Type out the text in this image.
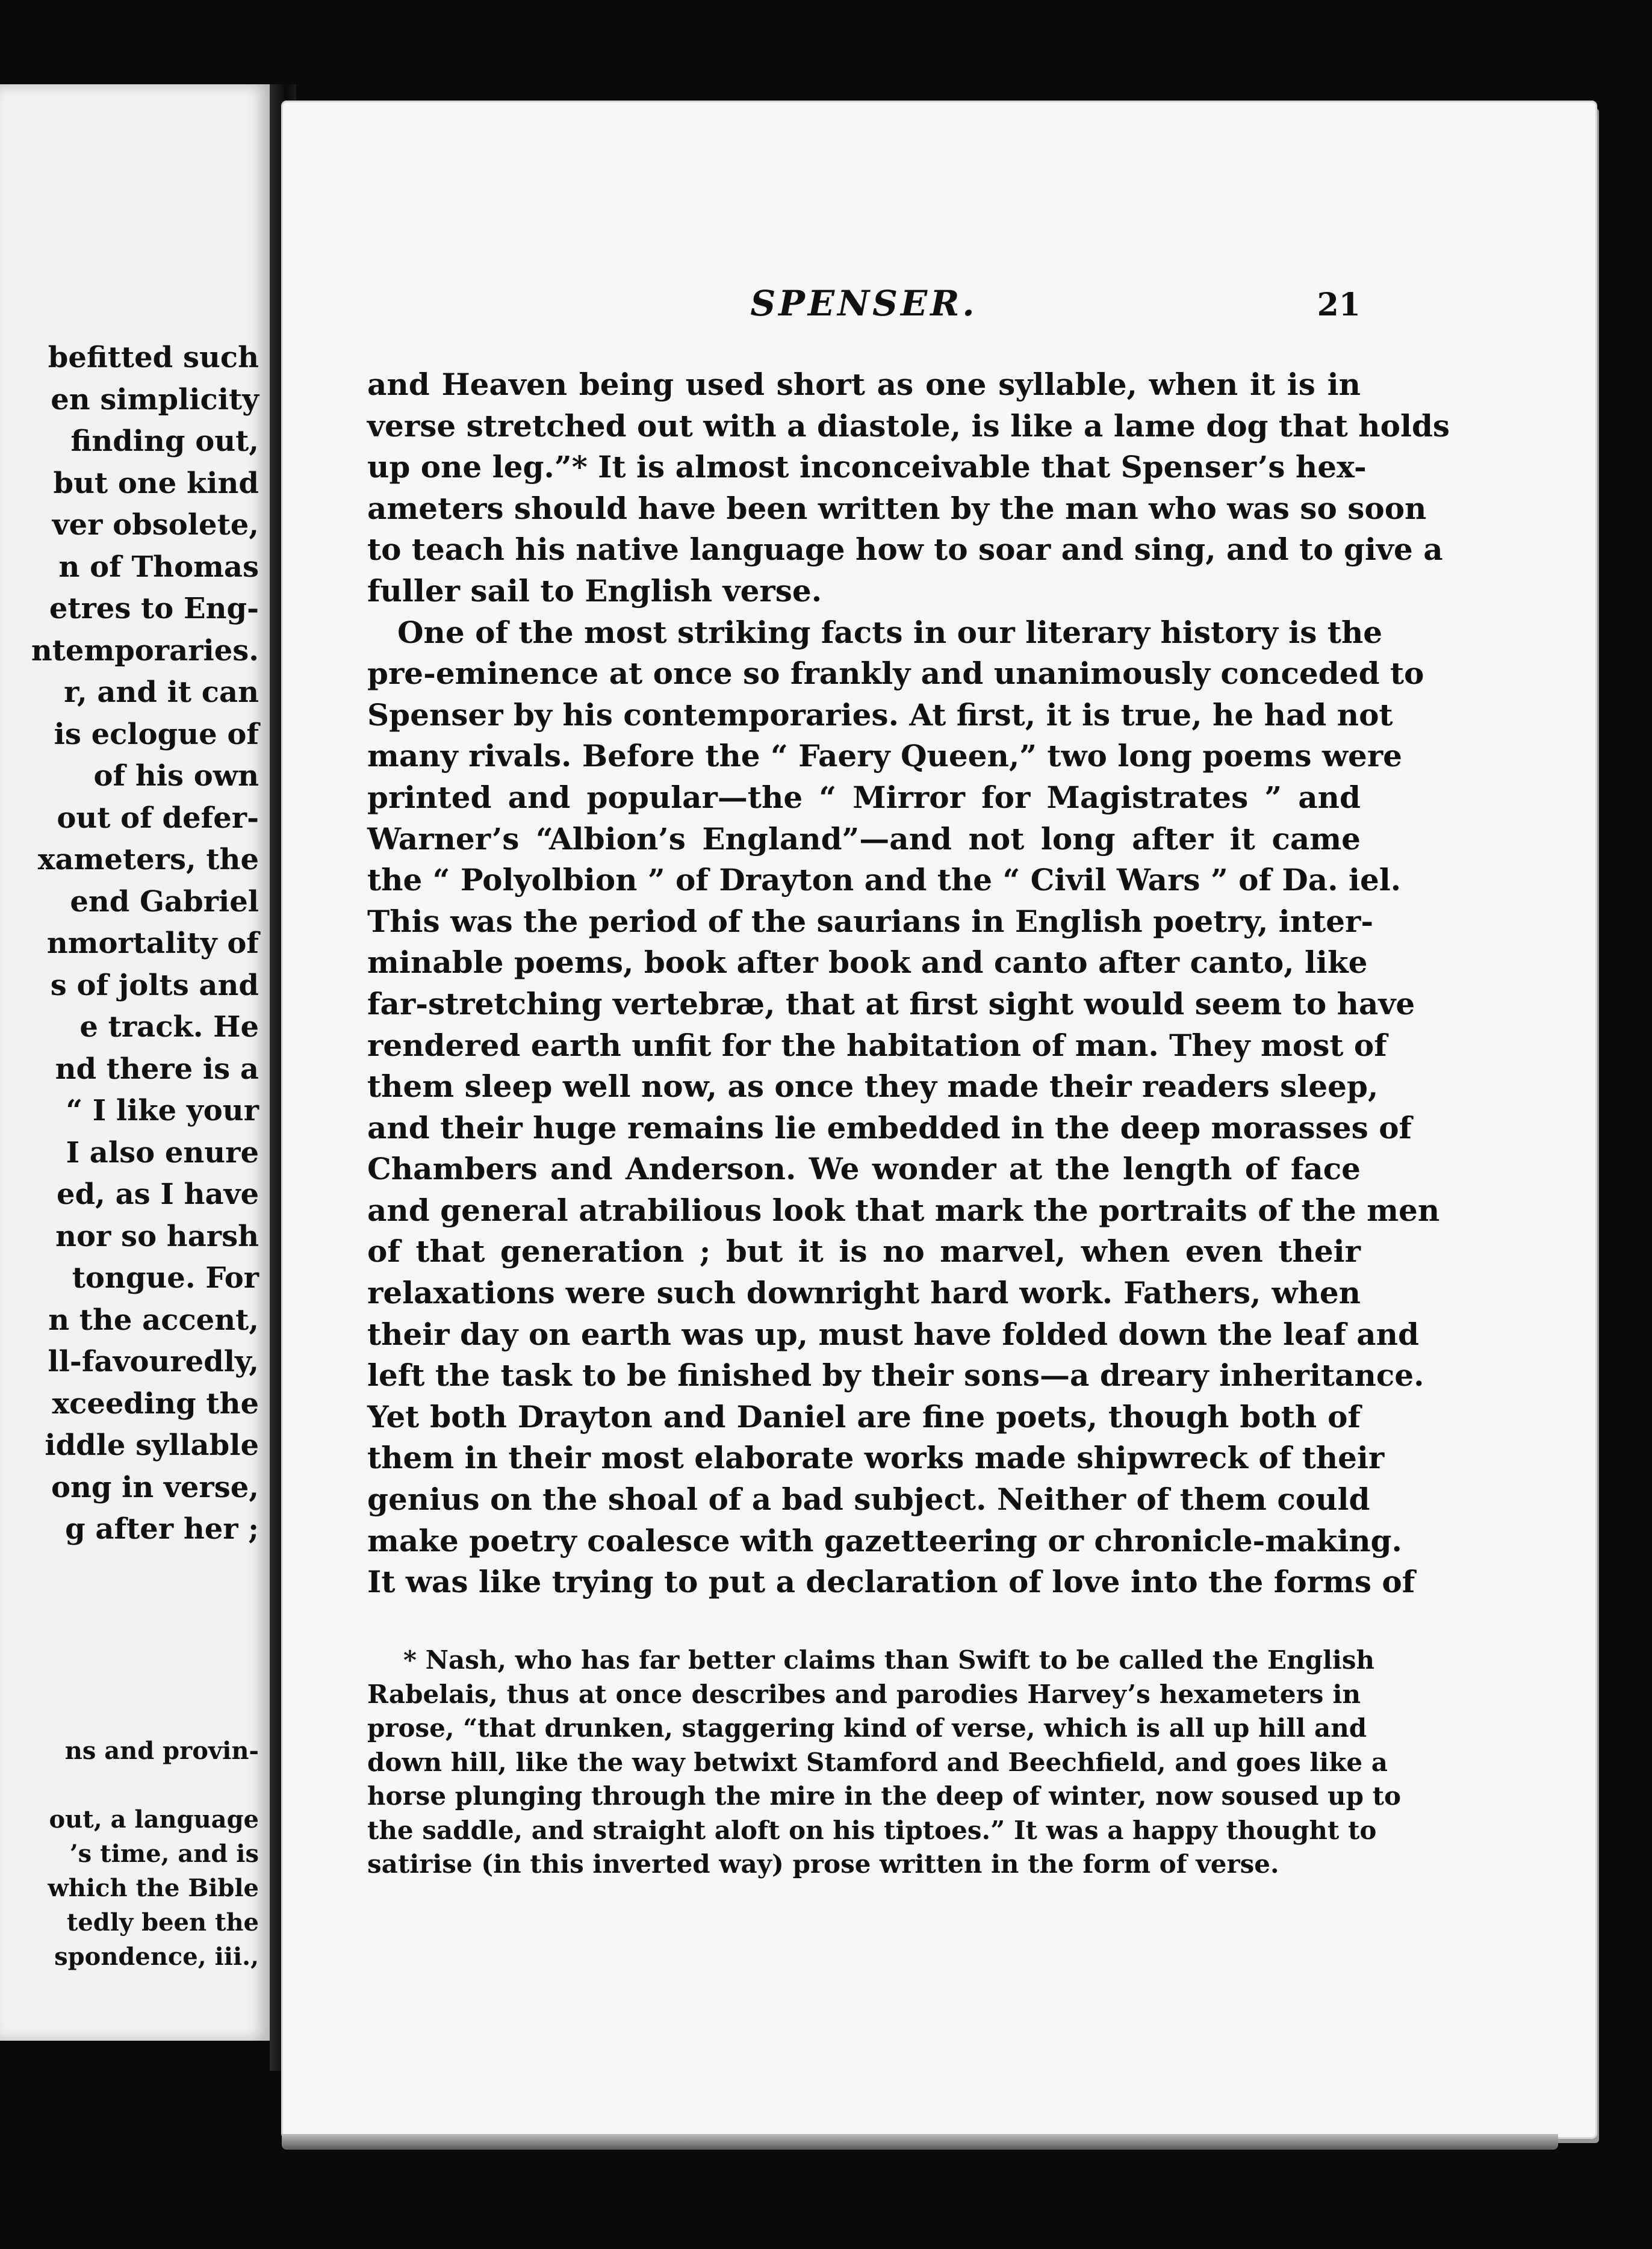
befitted such
en simplicity
finding out,
but one kind
ver obsolete,
n of Thomas
etres to Eng-
ntemporaries.
r, and it can
is eclogue of
of his own
out of defer-
xameters, the
end Gabriel
nmortality of
s of jolts and
e track. He
nd there is a
“ I like your
I also enure
ed, as I have
nor so harsh
tongue. For
n the accent,
ll-favouredly,
xceeding the
iddle syllable
ong in verse,
g after her ;
ns and provin-

out, a language
’s time, and is
which the Bible
tedly been the
spondence, iii.,
SPENSER.	21
and Heaven being used short as one syllable, when it is in
verse stretched out with a diastole, is like a lame dog that holds
up one leg.”* It is almost inconceivable that Spenser’s hex-
ameters should have been written by the man who was so soon
to teach his native language how to soar and sing, and to give a
fuller sail to English verse.
One of the most striking facts in our literary history is the
pre-eminence at once so frankly and unanimously conceded to
Spenser by his contemporaries. At first, it is true, he had not
many rivals. Before the “ Faery Queen,” two long poems were
printed and popular—the “ Mirror for Magistrates ” and
Warner’s “Albion’s England”—and not long after it came
the “ Polyolbion ” of Drayton and the “ Civil Wars ” of Da. iel.
This was the period of the saurians in English poetry, inter-
minable poems, book after book and canto after canto, like
far-stretching vertebræ, that at first sight would seem to have
rendered earth unfit for the habitation of man. They most of
them sleep well now, as once they made their readers sleep,
and their huge remains lie embedded in the deep morasses of
Chambers and Anderson. We wonder at the length of face
and general atrabilious look that mark the portraits of the men
of that generation ; but it is no marvel, when even their
relaxations were such downright hard work. Fathers, when
their day on earth was up, must have folded down the leaf and
left the task to be finished by their sons—a dreary inheritance.
Yet both Drayton and Daniel are fine poets, though both of
them in their most elaborate works made shipwreck of their
genius on the shoal of a bad subject. Neither of them could
make poetry coalesce with gazetteering or chronicle-making.
It was like trying to put a declaration of love into the forms of
* Nash, who has far better claims than Swift to be called the English
Rabelais, thus at once describes and parodies Harvey’s hexameters in
prose, “that drunken, staggering kind of verse, which is all up hill and
down hill, like the way betwixt Stamford and Beechfield, and goes like a
horse plunging through the mire in the deep of winter, now soused up to
the saddle, and straight aloft on his tiptoes.” It was a happy thought to
satirise (in this inverted way) prose written in the form of verse.
